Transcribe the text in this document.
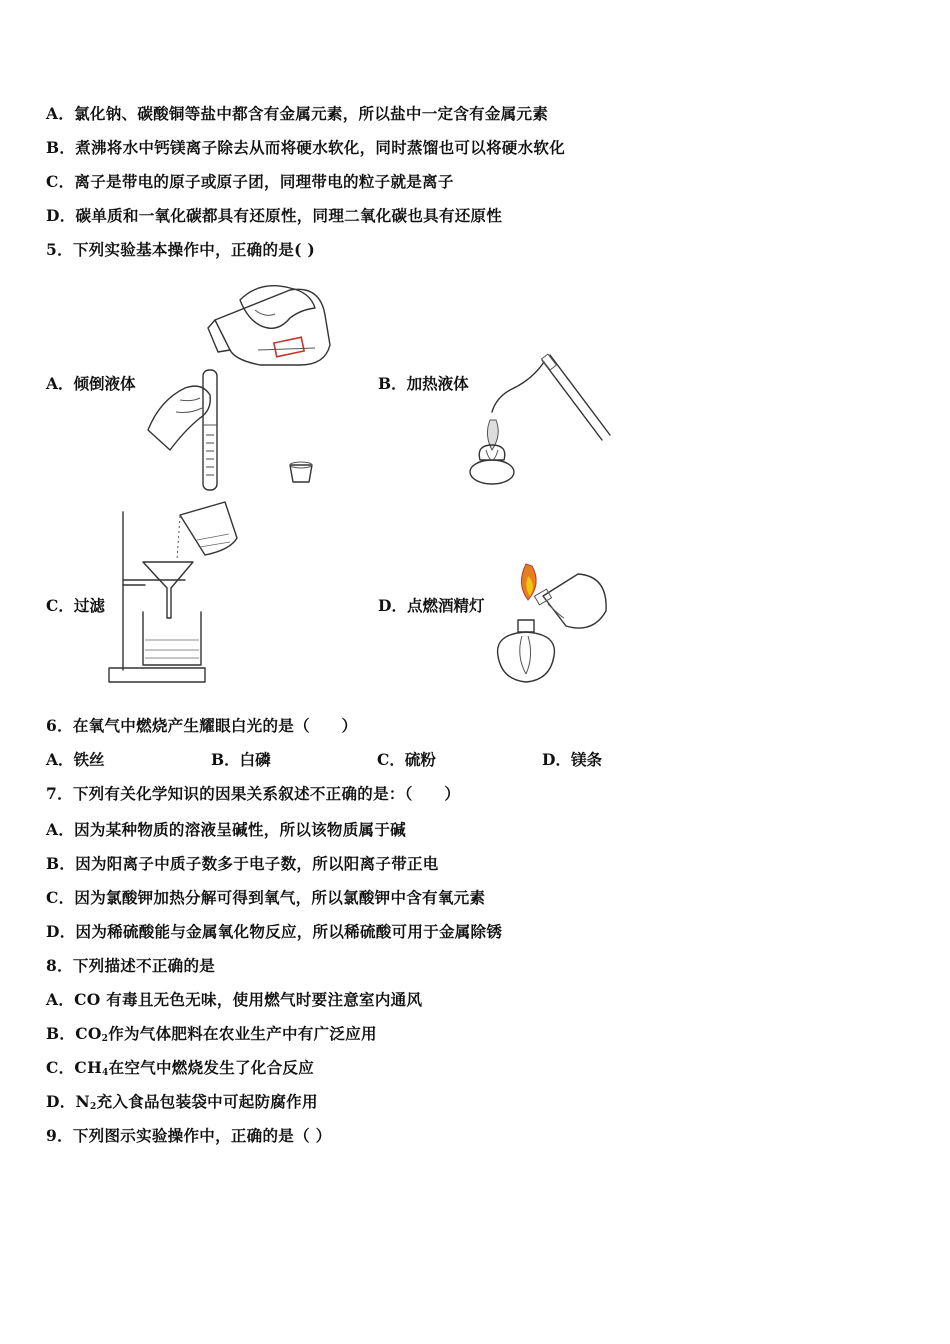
A．氯化钠、碳酸铜等盐中都含有金属元素，所以盐中一定含有金属元素
B．煮沸将水中钙镁离子除去从而将硬水软化，同时蒸馏也可以将硬水软化
C．离子是带电的原子或原子团，同理带电的粒子就是离子
D．碳单质和一氧化碳都具有还原性，同理二氧化碳也具有还原性
5．下列实验基本操作中，正确的是( )
A．倾倒液体	B．加热液体
C．过滤	D．点燃酒精灯
6．在氧气中燃烧产生耀眼白光的是（　　）
A．铁丝	B．白磷	C．硫粉	D．镁条
7．下列有关化学知识的因果关系叙述不正确的是：（　　）
A．因为某种物质的溶液呈碱性，所以该物质属于碱
B．因为阳离子中质子数多于电子数，所以阳离子带正电
C．因为氯酸钾加热分解可得到氧气，所以氯酸钾中含有氧元素
D．因为稀硫酸能与金属氧化物反应，所以稀硫酸可用于金属除锈
8．下列描述不正确的是
A．CO 有毒且无色无味，使用燃气时要注意室内通风
B．$CO_2$作为气体肥料在农业生产中有广泛应用
C．$CH_4$在空气中燃烧发生了化合反应
D．$N_2$充入食品包装袋中可起防腐作用
9．下列图示实验操作中，正确的是（ ）
